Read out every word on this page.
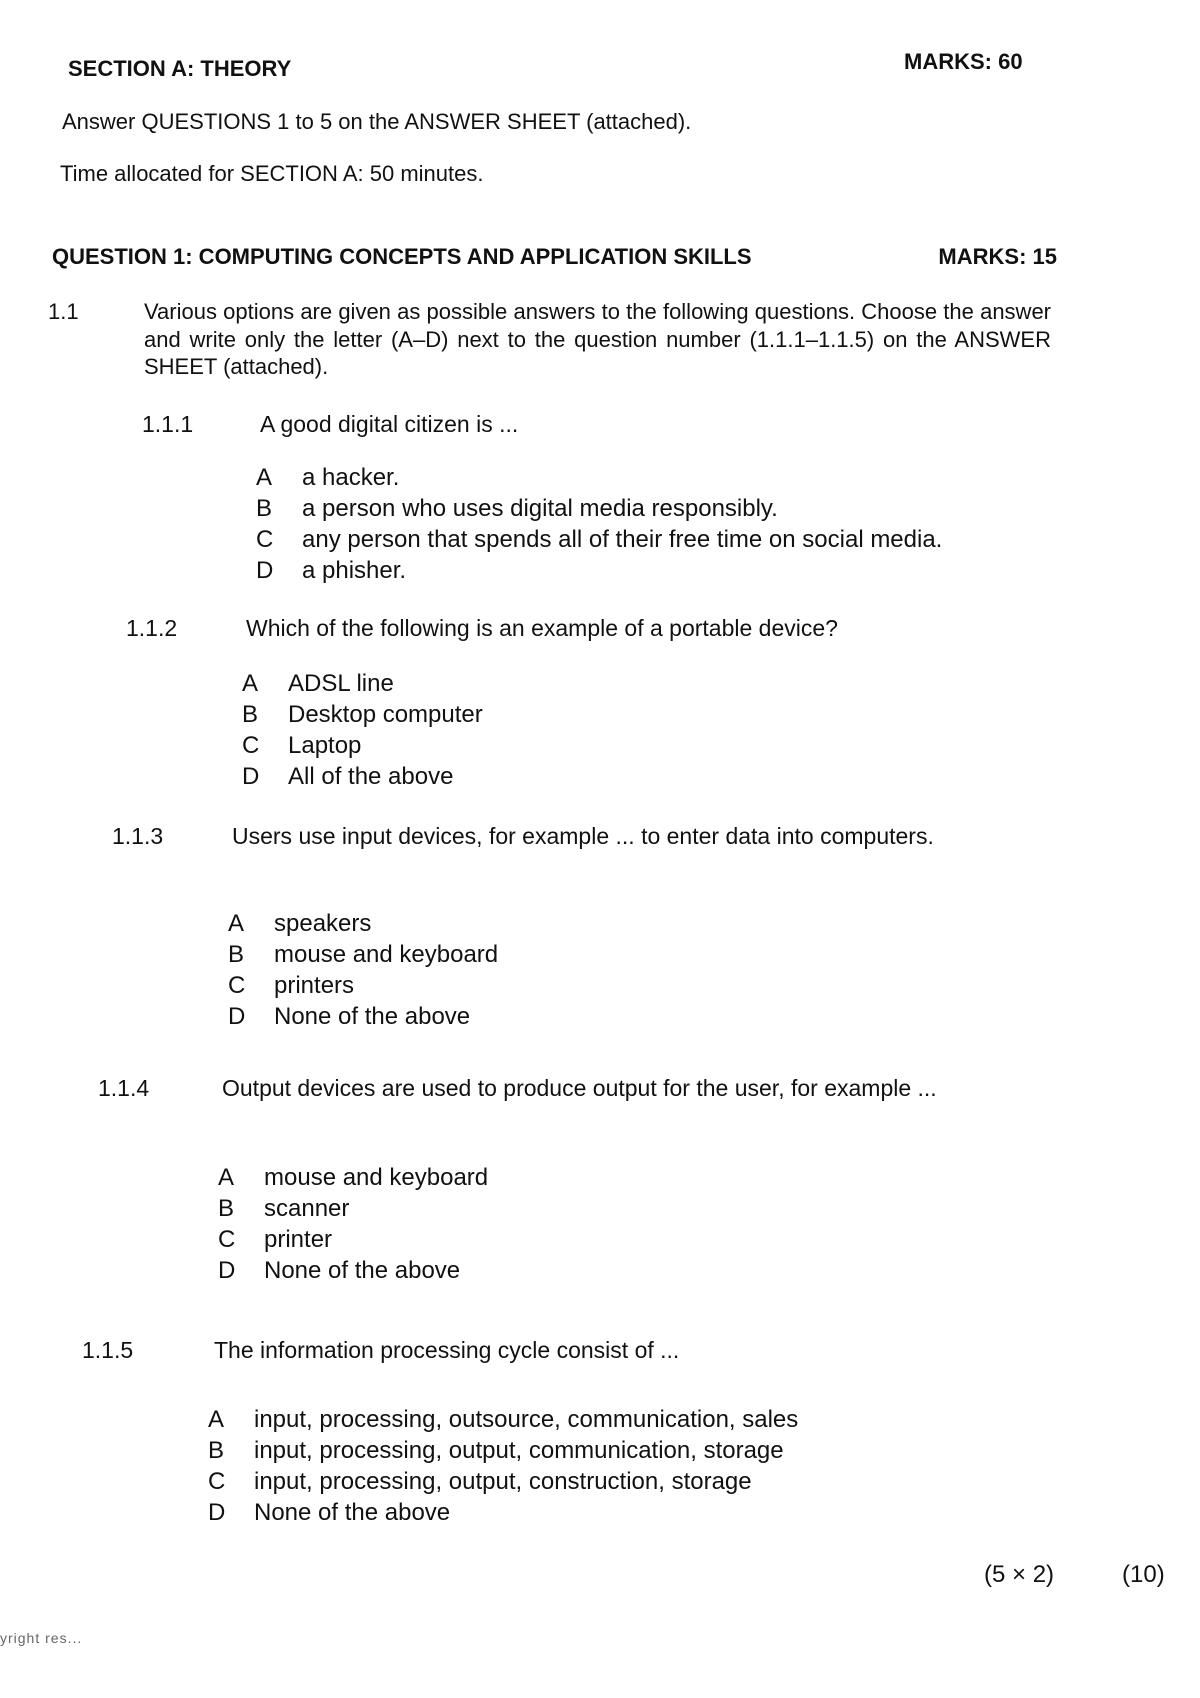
SECTION A: THEORY	MARKS: 60
Answer QUESTIONS 1 to 5 on the ANSWER SHEET (attached).
Time allocated for SECTION A: 50 minutes.
QUESTION 1: COMPUTING CONCEPTS AND APPLICATION SKILLS	MARKS: 15
1.1	Various options are given as possible answers to the following questions. Choose the answer and write only the letter (A–D) next to the question number (1.1.1–1.1.5) on the ANSWER SHEET (attached).
1.1.1	A good digital citizen is ...
A	a hacker.
B	a person who uses digital media responsibly.
C	any person that spends all of their free time on social media.
D	a phisher.
1.1.2	Which of the following is an example of a portable device?
A	ADSL line
B	Desktop computer
C	Laptop
D	All of the above
1.1.3	Users use input devices, for example ... to enter data into computers.
A	speakers
B	mouse and keyboard
C	printers
D	None of the above
1.1.4	Output devices are used to produce output for the user, for example ...
A	mouse and keyboard
B	scanner
C	printer
D	None of the above
1.1.5	The information processing cycle consist of ...
A	input, processing, outsource, communication, sales
B	input, processing, output, communication, storage
C	input, processing, output, construction, storage
D	None of the above
(5 × 2)	(10)
yright res...
